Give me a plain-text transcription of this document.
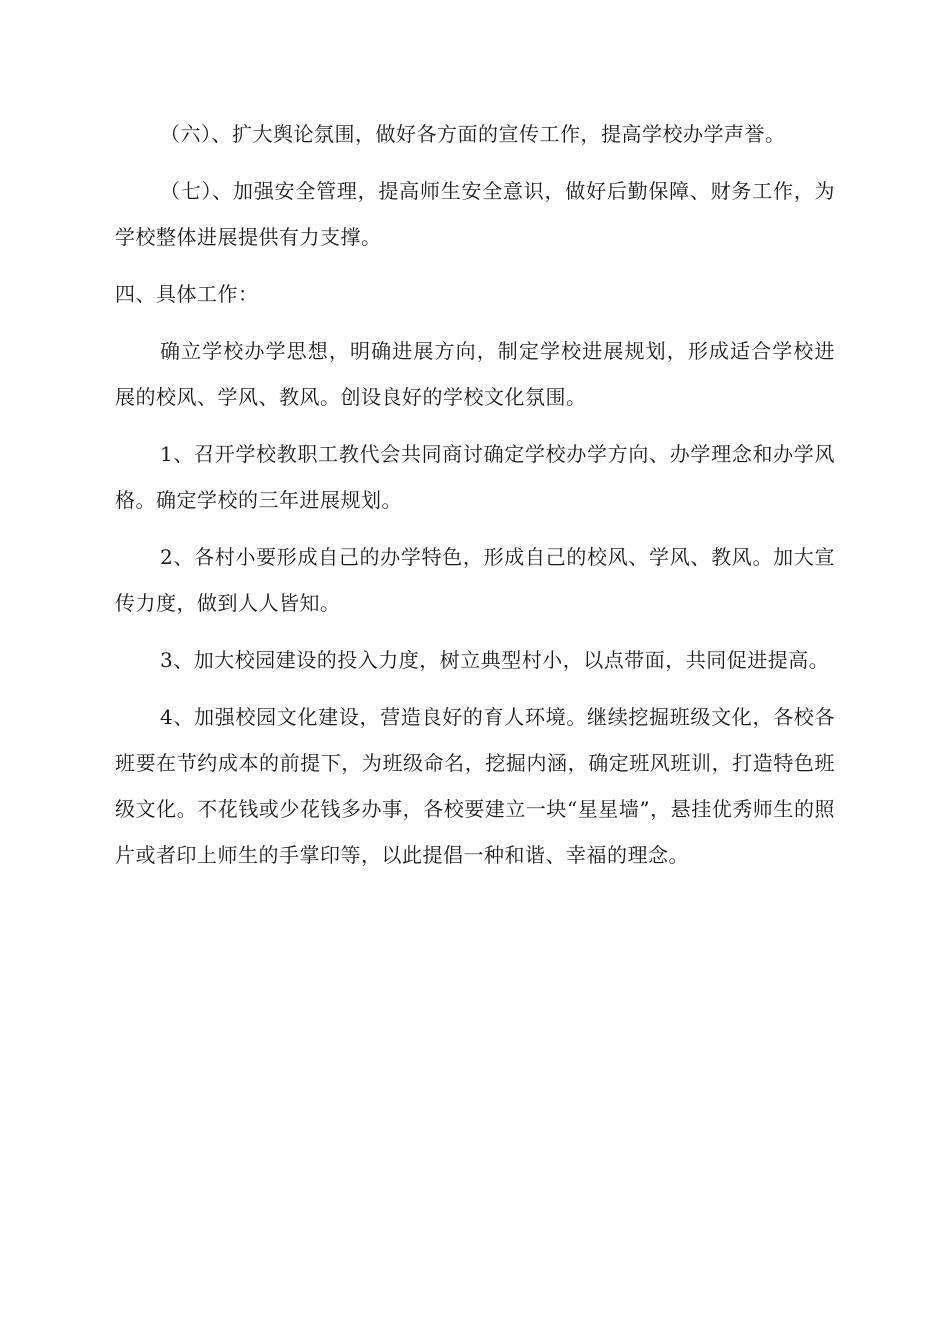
（六）、扩大舆论氛围，做好各方面的宣传工作，提高学校办学声誉。

（七）、加强安全管理，提高师生安全意识，做好后勤保障、财务工作，为学校整体进展提供有力支撑。

四、具体工作：

确立学校办学思想，明确进展方向，制定学校进展规划，形成适合学校进展的校风、学风、教风。创设良好的学校文化氛围。

1、召开学校教职工教代会共同商讨确定学校办学方向、办学理念和办学风格。确定学校的三年进展规划。

2、各村小要形成自己的办学特色，形成自己的校风、学风、教风。加大宣传力度，做到人人皆知。

3、加大校园建设的投入力度，树立典型村小，以点带面，共同促进提高。

4、加强校园文化建设，营造良好的育人环境。继续挖掘班级文化，各校各班要在节约成本的前提下，为班级命名，挖掘内涵，确定班风班训，打造特色班级文化。不花钱或少花钱多办事，各校要建立一块“星星墙”，悬挂优秀师生的照片或者印上师生的手掌印等，以此提倡一种和谐、幸福的理念。
